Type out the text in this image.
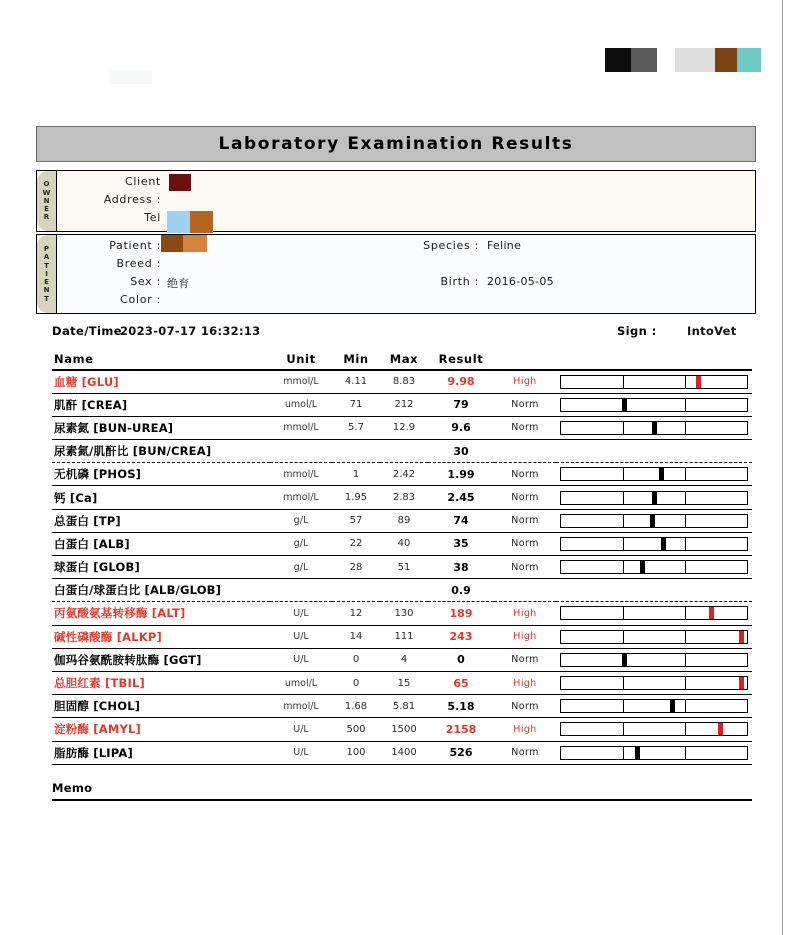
Laboratory Examination Results
O
W
N
E
R
Client
Address :
Tel
P
A
T
I
E
N
T
Patient :
Breed :
Sex : 绝育
Color :
Species : Feline
Birth : 2016-05-05
Date/Time
2023-07-17 16:32:13	Sign :	IntoVet
Name	Unit	Min	Max	Result		
血糖 [GLU]	mmol/L	4.11	8.83	9.98	High	

肌酐 [CREA]	umol/L	71	212	79	Norm	

尿素氮 [BUN-UREA]	mmol/L	5.7	12.9	9.6	Norm	

尿素氮/肌酐比 [BUN/CREA]				30		
无机磷 [PHOS]	mmol/L	1	2.42	1.99	Norm	

钙 [Ca]	mmol/L	1.95	2.83	2.45	Norm	

总蛋白 [TP]	g/L	57	89	74	Norm	

白蛋白 [ALB]	g/L	22	40	35	Norm	

球蛋白 [GLOB]	g/L	28	51	38	Norm	

白蛋白/球蛋白比 [ALB/GLOB]				0.9		
丙氨酸氨基转移酶 [ALT]	U/L	12	130	189	High	

碱性磷酸酶 [ALKP]	U/L	14	111	243	High	

伽玛谷氨酰胺转肽酶 [GGT]	U/L	0	4	0	Norm	

总胆红素 [TBIL]	umol/L	0	15	65	High	

胆固醇 [CHOL]	mmol/L	1.68	5.81	5.18	Norm	

淀粉酶 [AMYL]	U/L	500	1500	2158	High	

脂肪酶 [LIPA]	U/L	100	1400	526	Norm	
Memo
